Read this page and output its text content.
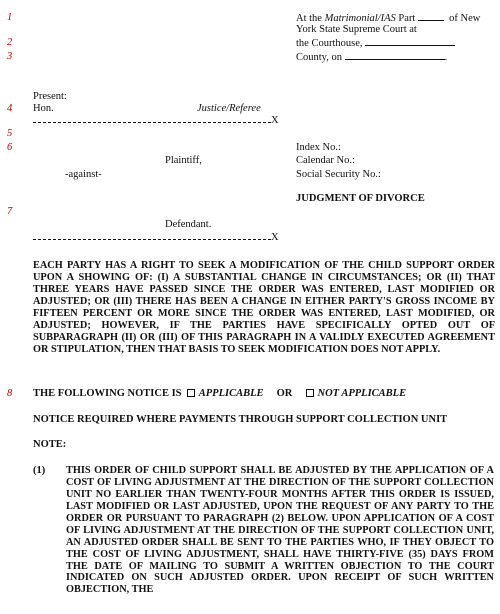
1
2
3
4
5
6
7
8
At the Matrimonial/IAS Part	of New
York State Supreme Court at
the Courthouse,
County, on	.
Present:
Hon.	Justice/Referee
X
Index No.:
Plaintiff,	Calendar No.:
-against-	Social Security No.:
JUDGMENT OF DIVORCE
Defendant.
X
EACH PARTY HAS A RIGHT TO SEEK A MODIFICATION OF THE CHILD SUPPORT ORDER UPON A SHOWING OF: (I) A SUBSTANTIAL CHANGE IN CIRCUMSTANCES; OR (II) THAT THREE YEARS HAVE PASSED SINCE THE ORDER WAS ENTERED, LAST MODIFIED OR ADJUSTED; OR (III) THERE HAS BEEN A CHANGE IN EITHER PARTY'S GROSS INCOME BY FIFTEEN PERCENT OR MORE SINCE THE ORDER WAS ENTERED, LAST MODIFIED, OR ADJUSTED; HOWEVER, IF THE PARTIES HAVE SPECIFICALLY OPTED OUT OF SUBPARAGRAPH (II) OR (III) OF THIS PARAGRAPH IN A VALIDLY EXECUTED AGREEMENT OR STIPULATION, THEN THAT BASIS TO SEEK MODIFICATION DOES NOT APPLY.
THE FOLLOWING NOTICE IS APPLICABLE OR NOT APPLICABLE
NOTICE REQUIRED WHERE PAYMENTS THROUGH SUPPORT COLLECTION UNIT
NOTE:
(1) THIS ORDER OF CHILD SUPPORT SHALL BE ADJUSTED BY THE APPLICATION OF A COST OF LIVING ADJUSTMENT AT THE DIRECTION OF THE SUPPORT COLLECTION UNIT NO EARLIER THAN TWENTY-FOUR MONTHS AFTER THIS ORDER IS ISSUED, LAST MODIFIED OR LAST ADJUSTED, UPON THE REQUEST OF ANY PARTY TO THE ORDER OR PURSUANT TO PARAGRAPH (2) BELOW. UPON APPLICATION OF A COST OF LIVING ADJUSTMENT AT THE DIRECTION OF THE SUPPORT COLLECTION UNIT, AN ADJUSTED ORDER SHALL BE SENT TO THE PARTIES WHO, IF THEY OBJECT TO THE COST OF LIVING ADJUSTMENT, SHALL HAVE THIRTY-FIVE (35) DAYS FROM THE DATE OF MAILING TO SUBMIT A WRITTEN OBJECTION TO THE COURT INDICATED ON SUCH ADJUSTED ORDER. UPON RECEIPT OF SUCH WRITTEN OBJECTION, THE
